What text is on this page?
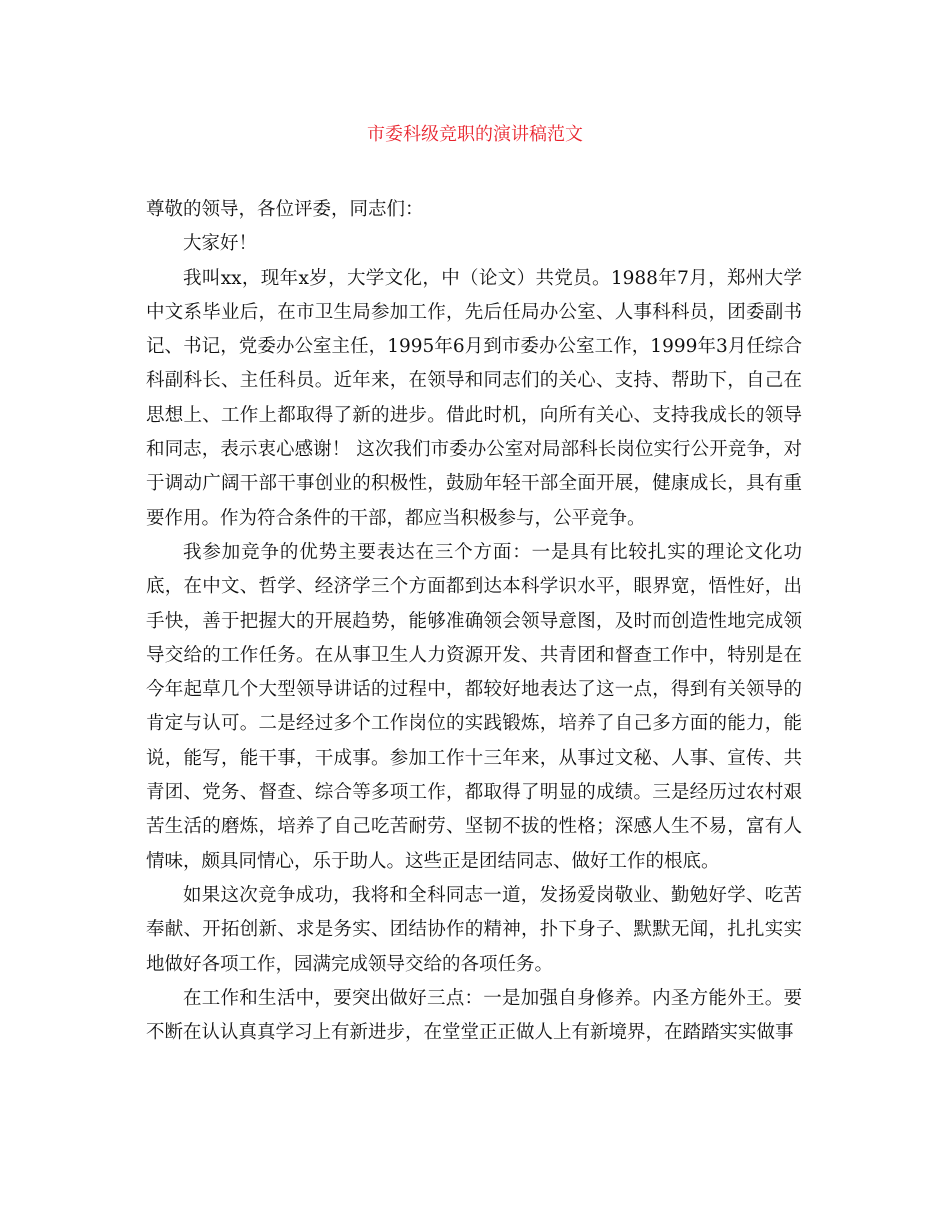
市委科级竞职的演讲稿范文

尊敬的领导，各位评委，同志们：

大家好！

我叫xx，现年x岁，大学文化，中（论文）共党员。1988年7月，郑州大学中文系毕业后，在市卫生局参加工作，先后任局办公室、人事科科员，团委副书记、书记，党委办公室主任，1995年6月到市委办公室工作，1999年3月任综合科副科长、主任科员。近年来，在领导和同志们的关心、支持、帮助下，自己在思想上、工作上都取得了新的进步。借此时机，向所有关心、支持我成长的领导和同志，表示衷心感谢！ 这次我们市委办公室对局部科长岗位实行公开竞争，对于调动广阔干部干事创业的积极性，鼓励年轻干部全面开展，健康成长，具有重要作用。作为符合条件的干部，都应当积极参与，公平竞争。

我参加竞争的优势主要表达在三个方面：一是具有比较扎实的理论文化功底，在中文、哲学、经济学三个方面都到达本科学识水平，眼界宽，悟性好，出手快，善于把握大的开展趋势，能够准确领会领导意图，及时而创造性地完成领导交给的工作任务。在从事卫生人力资源开发、共青团和督查工作中，特别是在今年起草几个大型领导讲话的过程中，都较好地表达了这一点，得到有关领导的肯定与认可。二是经过多个工作岗位的实践锻炼，培养了自己多方面的能力，能说，能写，能干事，干成事。参加工作十三年来，从事过文秘、人事、宣传、共青团、党务、督查、综合等多项工作，都取得了明显的成绩。三是经历过农村艰苦生活的磨炼，培养了自己吃苦耐劳、坚韧不拔的性格；深感人生不易，富有人情味，颇具同情心，乐于助人。这些正是团结同志、做好工作的根底。

如果这次竞争成功，我将和全科同志一道，发扬爱岗敬业、勤勉好学、吃苦奉献、开拓创新、求是务实、团结协作的精神，扑下身子、默默无闻，扎扎实实地做好各项工作，园满完成领导交给的各项任务。

在工作和生活中，要突出做好三点：一是加强自身修养。内圣方能外王。要不断在认认真真学习上有新进步，在堂堂正正做人上有新境界，在踏踏实实做事
